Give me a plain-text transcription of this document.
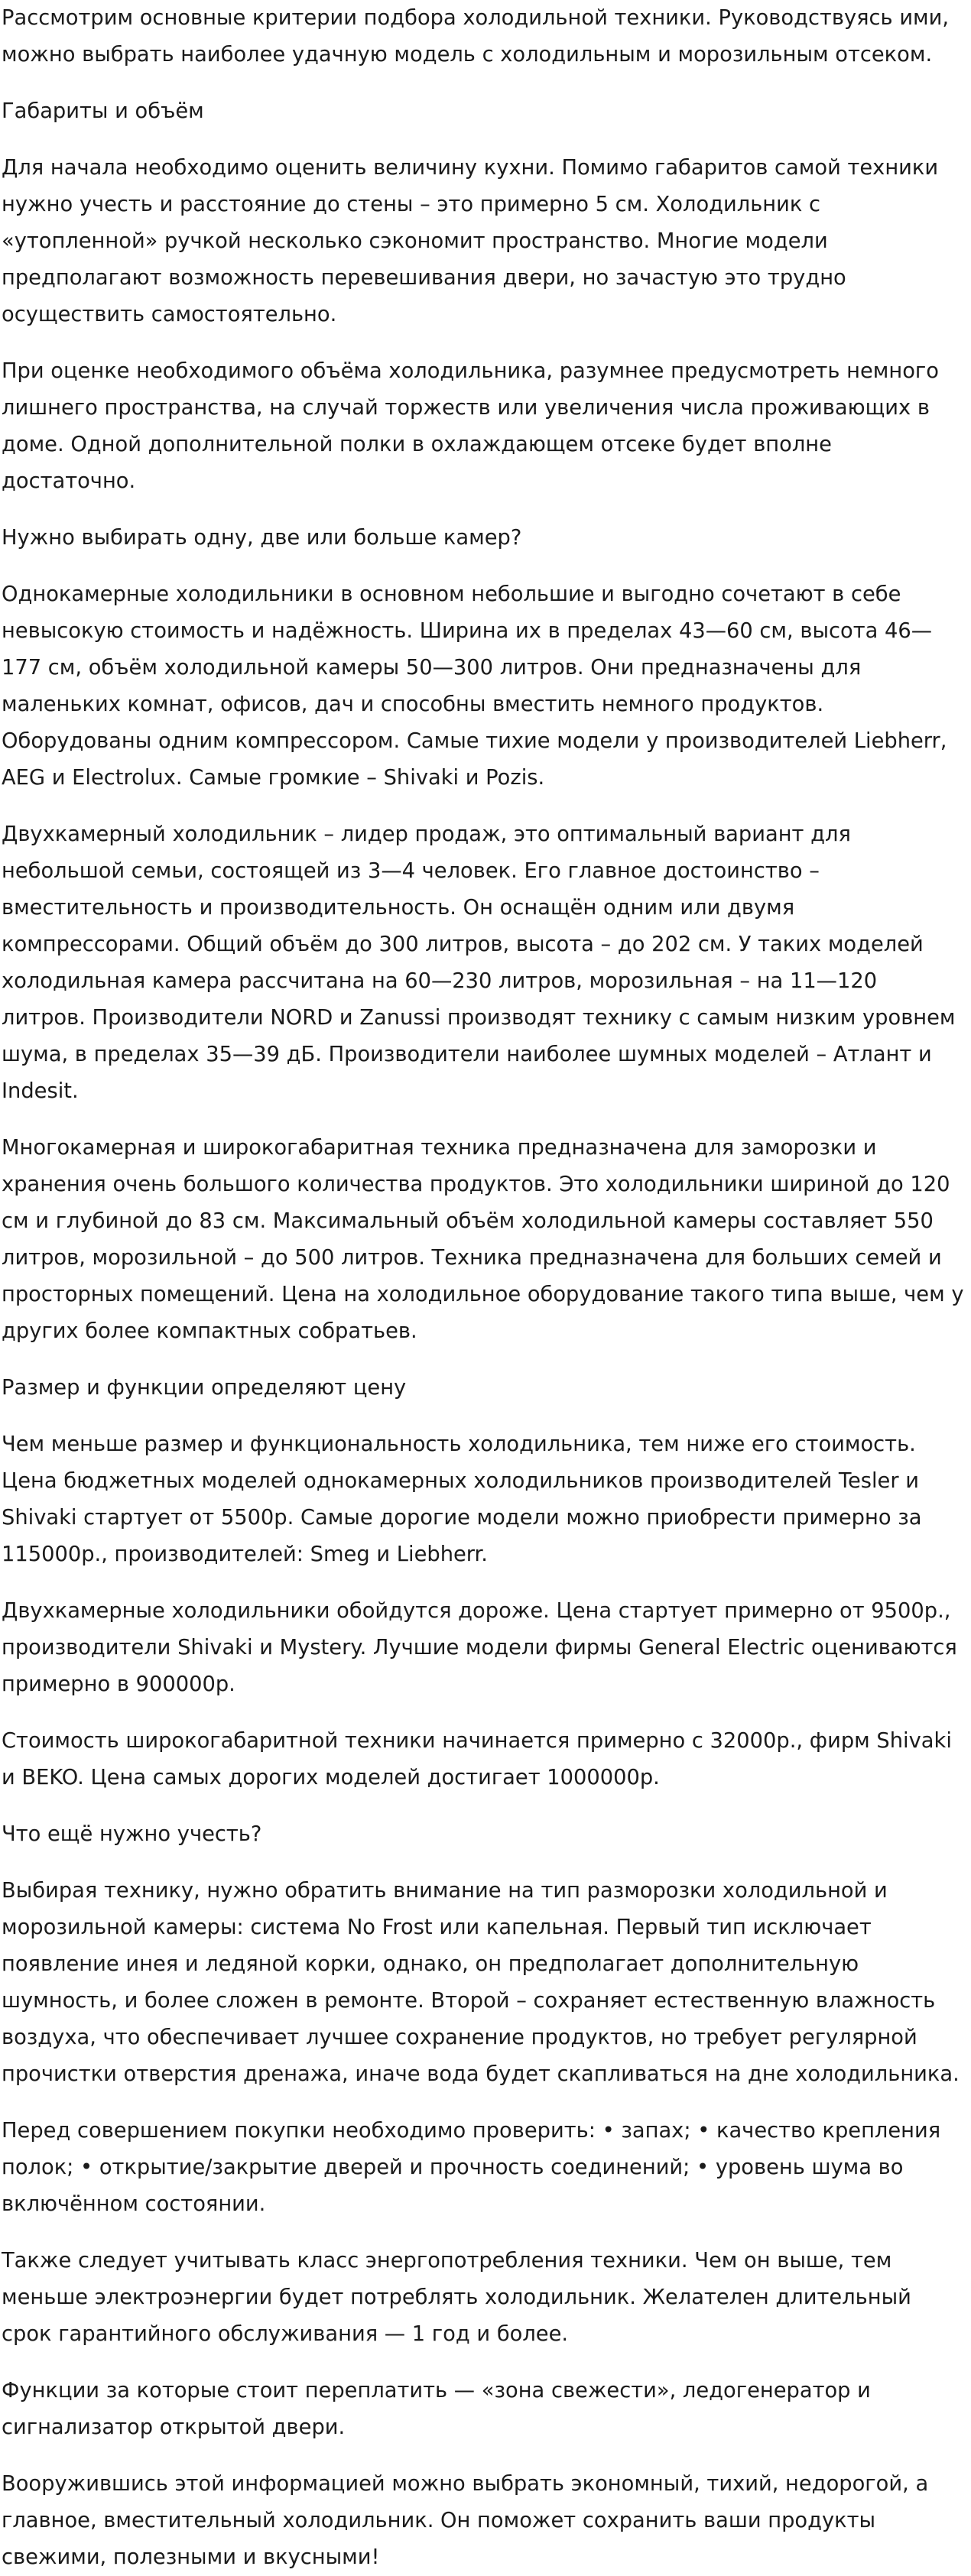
Рассмотрим основные критерии подбора холодильной техники. Руководствуясь ими, можно выбрать наиболее удачную модель с холодильным и морозильным отсеком.

Габариты и объём

Для начала необходимо оценить величину кухни. Помимо габаритов самой техники нужно учесть и расстояние до стены – это примерно 5 см. Холодильник с «утопленной» ручкой несколько сэкономит пространство. Многие модели предполагают возможность перевешивания двери, но зачастую это трудно осуществить самостоятельно.

При оценке необходимого объёма холодильника, разумнее предусмотреть немного лишнего пространства, на случай торжеств или увеличения числа проживающих в доме. Одной дополнительной полки в охлаждающем отсеке будет вполне достаточно.

Нужно выбирать одну, две или больше камер?

Однокамерные холодильники в основном небольшие и выгодно сочетают в себе невысокую стоимость и надёжность. Ширина их в пределах 43—60 см, высота 46—177 см, объём холодильной камеры 50—300 литров. Они предназначены для маленьких комнат, офисов, дач и способны вместить немного продуктов. Оборудованы одним компрессором. Самые тихие модели у производителей Liebherr, AEG и Electrolux. Самые громкие – Shivaki и Pozis.

Двухкамерный холодильник – лидер продаж, это оптимальный вариант для небольшой семьи, состоящей из 3—4 человек. Его главное достоинство – вместительность и производительность. Он оснащён одним или двумя компрессорами. Общий объём до 300 литров, высота – до 202 см. У таких моделей холодильная камера рассчитана на 60—230 литров, морозильная – на 11—120 литров. Производители NORD и Zanussi производят технику с самым низким уровнем шума, в пределах 35—39 дБ. Производители наиболее шумных моделей – Атлант и Indesit.

Многокамерная и широкогабаритная техника предназначена для заморозки и хранения очень большого количества продуктов. Это холодильники шириной до 120 см и глубиной до 83 см. Максимальный объём холодильной камеры составляет 550 литров, морозильной – до 500 литров. Техника предназначена для больших семей и просторных помещений. Цена на холодильное оборудование такого типа выше, чем у других более компактных собратьев.

Размер и функции определяют цену

Чем меньше размер и функциональность холодильника, тем ниже его стоимость. Цена бюджетных моделей однокамерных холодильников производителей Tesler и Shivaki стартует от 5500р. Самые дорогие модели можно приобрести примерно за 115000р., производителей: Smeg и Liebherr.

Двухкамерные холодильники обойдутся дороже. Цена стартует примерно от 9500р., производители Shivaki и Mystery. Лучшие модели фирмы General Electric оцениваются примерно в 900000р.

Стоимость широкогабаритной техники начинается примерно с 32000р., фирм Shivaki и BEKO. Цена самых дорогих моделей достигает 1000000р.

Что ещё нужно учесть?

Выбирая технику, нужно обратить внимание на тип разморозки холодильной и морозильной камеры: система No Frost или капельная. Первый тип исключает появление инея и ледяной корки, однако, он предполагает дополнительную шумность, и более сложен в ремонте. Второй – сохраняет естественную влажность воздуха, что обеспечивает лучшее сохранение продуктов, но требует регулярной прочистки отверстия дренажа, иначе вода будет скапливаться на дне холодильника.

Перед совершением покупки необходимо проверить: • запах; • качество крепления полок; • открытие/закрытие дверей и прочность соединений; • уровень шума во включённом состоянии.

Также следует учитывать класс энергопотребления техники. Чем он выше, тем меньше электроэнергии будет потреблять холодильник. Желателен длительный срок гарантийного обслуживания — 1 год и более.

Функции за которые стоит переплатить — «зона свежести», ледогенератор и сигнализатор открытой двери.

Вооружившись этой информацией можно выбрать экономный, тихий, недорогой, а главное, вместительный холодильник. Он поможет сохранить ваши продукты свежими, полезными и вкусными!
